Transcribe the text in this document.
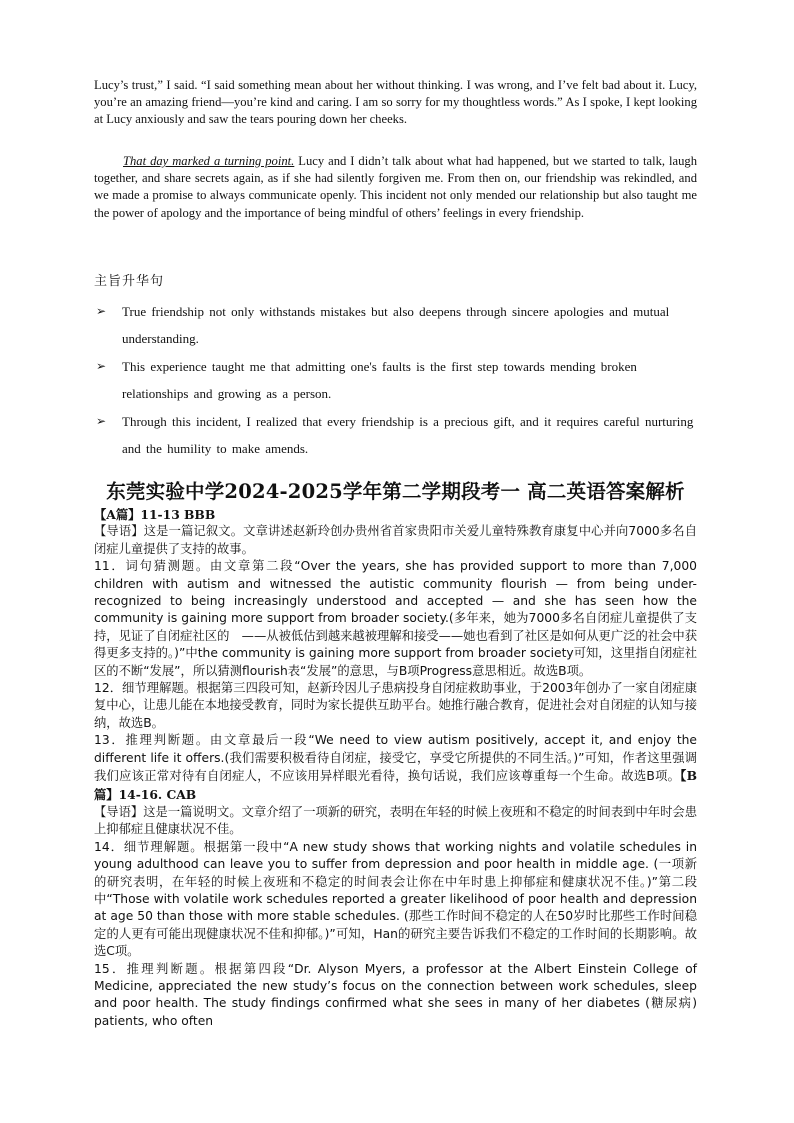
Lucy’s trust,” I said. “I said something mean about her without thinking. I was wrong, and I’ve felt bad about it. Lucy, you’re an amazing friend—you’re kind and caring. I am so sorry for my thoughtless words.” As I spoke, I kept looking at Lucy anxiously and saw the tears pouring down her cheeks.

That day marked a turning point. Lucy and I didn’t talk about what had happened, but we started to talk, laugh together, and share secrets again, as if she had silently forgiven me. From then on, our friendship was rekindled, and we made a promise to always communicate openly. This incident not only mended our relationship but also taught me the power of apology and the importance of being mindful of others’ feelings in every friendship.

主旨升华句
➢ True friendship not only withstands mistakes but also deepens through sincere apologies and mutual understanding.
➢ This experience taught me that admitting one's faults is the first step towards mending broken relationships and growing as a person.
➢ Through this incident, I realized that every friendship is a precious gift, and it requires careful nurturing and the humility to make amends.
东莞实验中学2024-2025学年第二学期段考一 高二英语答案解析

【A篇】11-13 BBB

【导语】这是一篇记叙文。文章讲述赵新玲创办贵州省首家贵阳市关爱儿童特殊教育康复中心并向7000多名自闭症儿童提供了支持的故事。

11．词句猜测题。由文章第二段“Over the years, she has provided support to more than 7,000 children with autism and witnessed the autistic community flourish — from being under-recognized to being increasingly understood and accepted — and she has seen how the community is gaining more support from broader society.(多年来，她为7000多名自闭症儿童提供了支持，见证了自闭症社区的　——从被低估到越来越被理解和接受——她也看到了社区是如何从更广泛的社会中获得更多支持的。)”中the community is gaining more support from broader society可知，这里指自闭症社区的不断“发展”，所以猜测flourish表“发展”的意思，与B项Progress意思相近。故选B项。

12．细节理解题。根据第三四段可知，赵新玲因儿子患病投身自闭症救助事业，于2003年创办了一家自闭症康复中心，让患儿能在本地接受教育，同时为家长提供互助平台。她推行融合教育，促进社会对自闭症的认知与接纳，故选B。

13．推理判断题。由文章最后一段“We need to view autism positively, accept it, and enjoy the different life it offers.(我们需要积极看待自闭症，接受它，享受它所提供的不同生活。)”可知，作者这里强调我们应该正常对待有自闭症人，不应该用异样眼光看待，换句话说，我们应该尊重每一个生命。故选B项。【B篇】14-16. CAB

【导语】这是一篇说明文。文章介绍了一项新的研究，表明在年轻的时候上夜班和不稳定的时间表到中年时会患上抑郁症且健康状况不佳。

14．细节理解题。根据第一段中“A new study shows that working nights and volatile schedules in young adulthood can leave you to suffer from depression and poor health in middle age. (一项新的研究表明，在年轻的时候上夜班和不稳定的时间表会让你在中年时患上抑郁症和健康状况不佳。)”第二段中“Those with volatile work schedules reported a greater likelihood of poor health and depression at age 50 than those with more stable schedules. (那些工作时间不稳定的人在50岁时比那些工作时间稳定的人更有可能出现健康状况不佳和抑郁。)”可知，Han的研究主要告诉我们不稳定的工作时间的长期影响。故选C项。

15．推理判断题。根据第四段“Dr. Alyson Myers, a professor at the Albert Einstein College of Medicine, appreciated the new study’s focus on the connection between work schedules, sleep and poor health. The study findings confirmed what she sees in many of her diabetes (糖尿病) patients, who often
